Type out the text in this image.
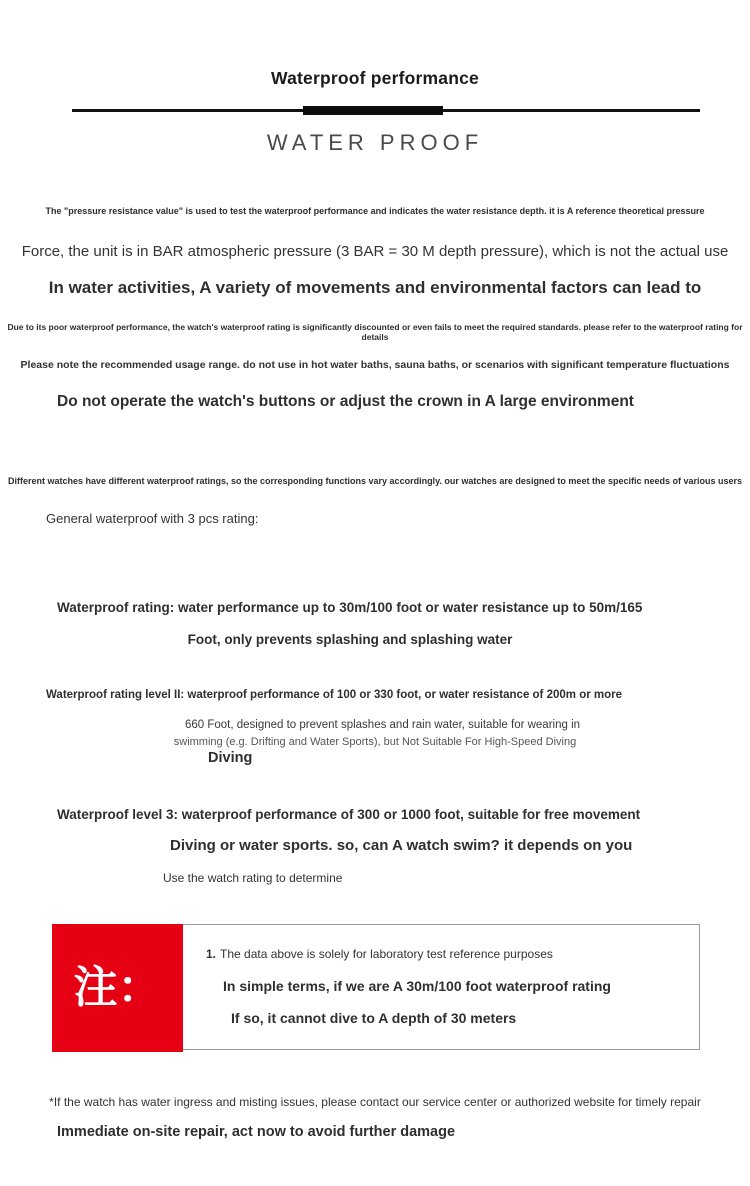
Waterproof performance
WATER PROOF
The "pressure resistance value" is used to test the waterproof performance and indicates the water resistance depth. it is A reference theoretical pressure
Force, the unit is in BAR atmospheric pressure (3 BAR = 30 M depth pressure), which is not the actual use
In water activities, A variety of movements and environmental factors can lead to
Due to its poor waterproof performance, the watch's waterproof rating is significantly discounted or even fails to meet the required standards. please refer to the waterproof rating for details
Please note the recommended usage range. do not use in hot water baths, sauna baths, or scenarios with significant temperature fluctuations
Do not operate the watch's buttons or adjust the crown in A large environment
Different watches have different waterproof ratings, so the corresponding functions vary accordingly. our watches are designed to meet the specific needs of various users
General waterproof with 3 pcs rating:
Waterproof rating: water performance up to 30m/100 foot or water resistance up to 50m/165
Foot, only prevents splashing and splashing water
Waterproof rating level II: waterproof performance of 100 or 330 foot, or water resistance of 200m or more
660 Foot, designed to prevent splashes and rain water, suitable for wearing in
swimming (e.g. Drifting and Water Sports), but Not Suitable For High-Speed Diving
Diving
Waterproof level 3: waterproof performance of 300 or 1000 foot, suitable for free movement
Diving or water sports. so, can A watch swim? it depends on you
Use the watch rating to determine
注：
1. The data above is solely for laboratory test reference purposes
In simple terms, if we are A 30m/100 foot waterproof rating
If so, it cannot dive to A depth of 30 meters
*If the watch has water ingress and misting issues, please contact our service center or authorized website for timely repair
Immediate on-site repair, act now to avoid further damage
